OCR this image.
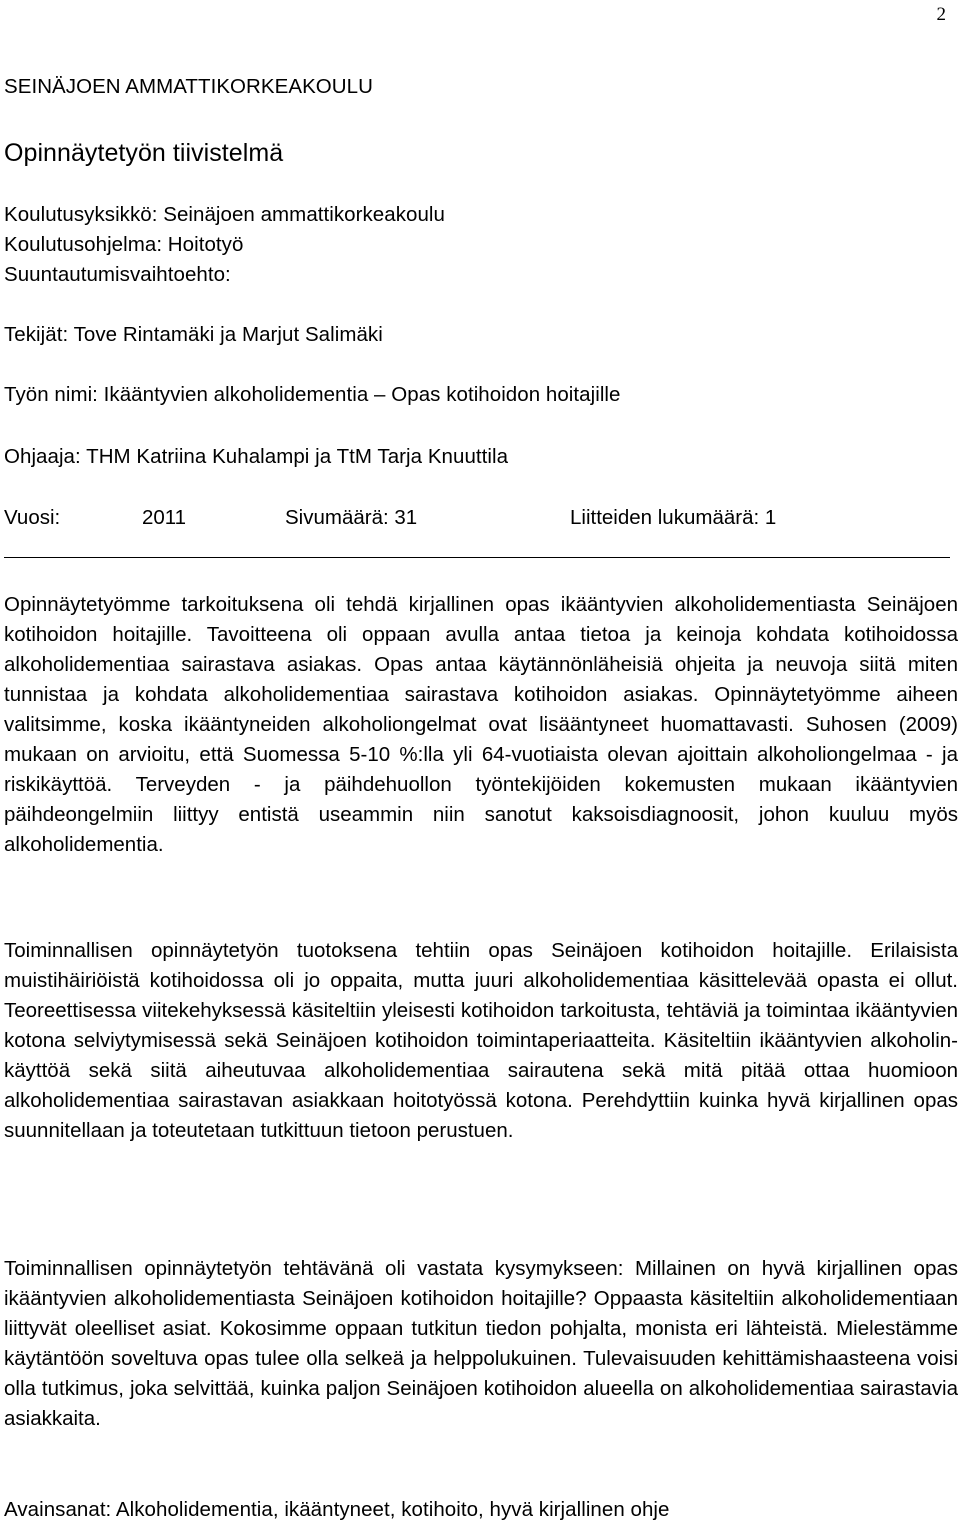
2
SEINÄJOEN AMMATTIKORKEAKOULU
Opinnäytetyön tiivistelmä
Koulutusyksikkö: Seinäjoen ammattikorkeakoulu
Koulutusohjelma: Hoitotyö
Suuntautumisvaihtoehto:
Tekijät: Tove Rintamäki ja Marjut Salimäki
Työn nimi: Ikääntyvien alkoholidementia – Opas kotihoidon hoitajille
Ohjaaja: THM Katriina Kuhalampi ja TtM Tarja Knuuttila
Vuosi:	2011	Sivumäärä: 31	Liitteiden lukumäärä: 1
Opinnäytetyömme tarkoituksena oli tehdä kirjallinen opas ikääntyvien alkoholidementiasta Seinäjoen kotihoidon hoitajille. Tavoitteena oli oppaan avulla antaa tietoa ja keinoja kohdata kotihoidossa alkoholidementiaa sairastava asiakas. Opas antaa käytännönläheisiä ohjeita ja neuvoja siitä miten tunnistaa ja kohdata alkoholidementiaa sairastava kotihoidon asiakas. Opinnäytetyömme aiheen valitsimme, koska ikääntyneiden alkoholiongelmat ovat lisääntyneet huomattavasti. Suhosen (2009) mukaan on arvioitu, että Suomessa 5-10 %:lla yli 64-vuotiaista olevan ajoittain alkoholiongelmaa - ja riskikäyttöä. Terveyden - ja päihdehuollon työntekijöiden kokemusten mukaan ikääntyvien päihdeongelmiin liittyy entistä useammin niin sanotut kaksoisdiagnoosit, johon kuuluu myös alkoholidementia.
Toiminnallisen opinnäytetyön tuotoksena tehtiin opas Seinäjoen kotihoidon hoitajille. Erilaisista muistihäiriöistä kotihoidossa oli jo oppaita, mutta juuri alkoholidementiaa käsittelevää opasta ei ollut. Teoreettisessa viitekehyksessä käsiteltiin yleisesti kotihoidon tarkoitusta, tehtäviä ja toimintaa ikääntyvien kotona selviytymisessä sekä Seinäjoen kotihoidon toimintaperiaatteita. Käsiteltiin ikääntyvien alkoholinkäyttöä sekä siitä aiheutuvaa alkoholidementiaa sairautena sekä mitä pitää ottaa huomioon alkoholidementiaa sairastavan asiakkaan hoitotyössä kotona. Perehdyttiin kuinka hyvä kirjallinen opas suunnitellaan ja toteutetaan tutkittuun tietoon perustuen.
Toiminnallisen opinnäytetyön tehtävänä oli vastata kysymykseen: Millainen on hyvä kirjallinen opas ikääntyvien alkoholidementiasta Seinäjoen kotihoidon hoitajille? Oppaasta käsiteltiin alkoholidementiaan liittyvät oleelliset asiat. Kokosimme oppaan tutkitun tiedon pohjalta, monista eri lähteistä. Mielestämme käytäntöön soveltuva opas tulee olla selkeä ja helppolukuinen. Tulevaisuuden kehittämishaasteena voisi olla tutkimus, joka selvittää, kuinka paljon Seinäjoen kotihoidon alueella on alkoholidementiaa sairastavia asiakkaita.
Avainsanat: Alkoholidementia, ikääntyneet, kotihoito, hyvä kirjallinen ohje
